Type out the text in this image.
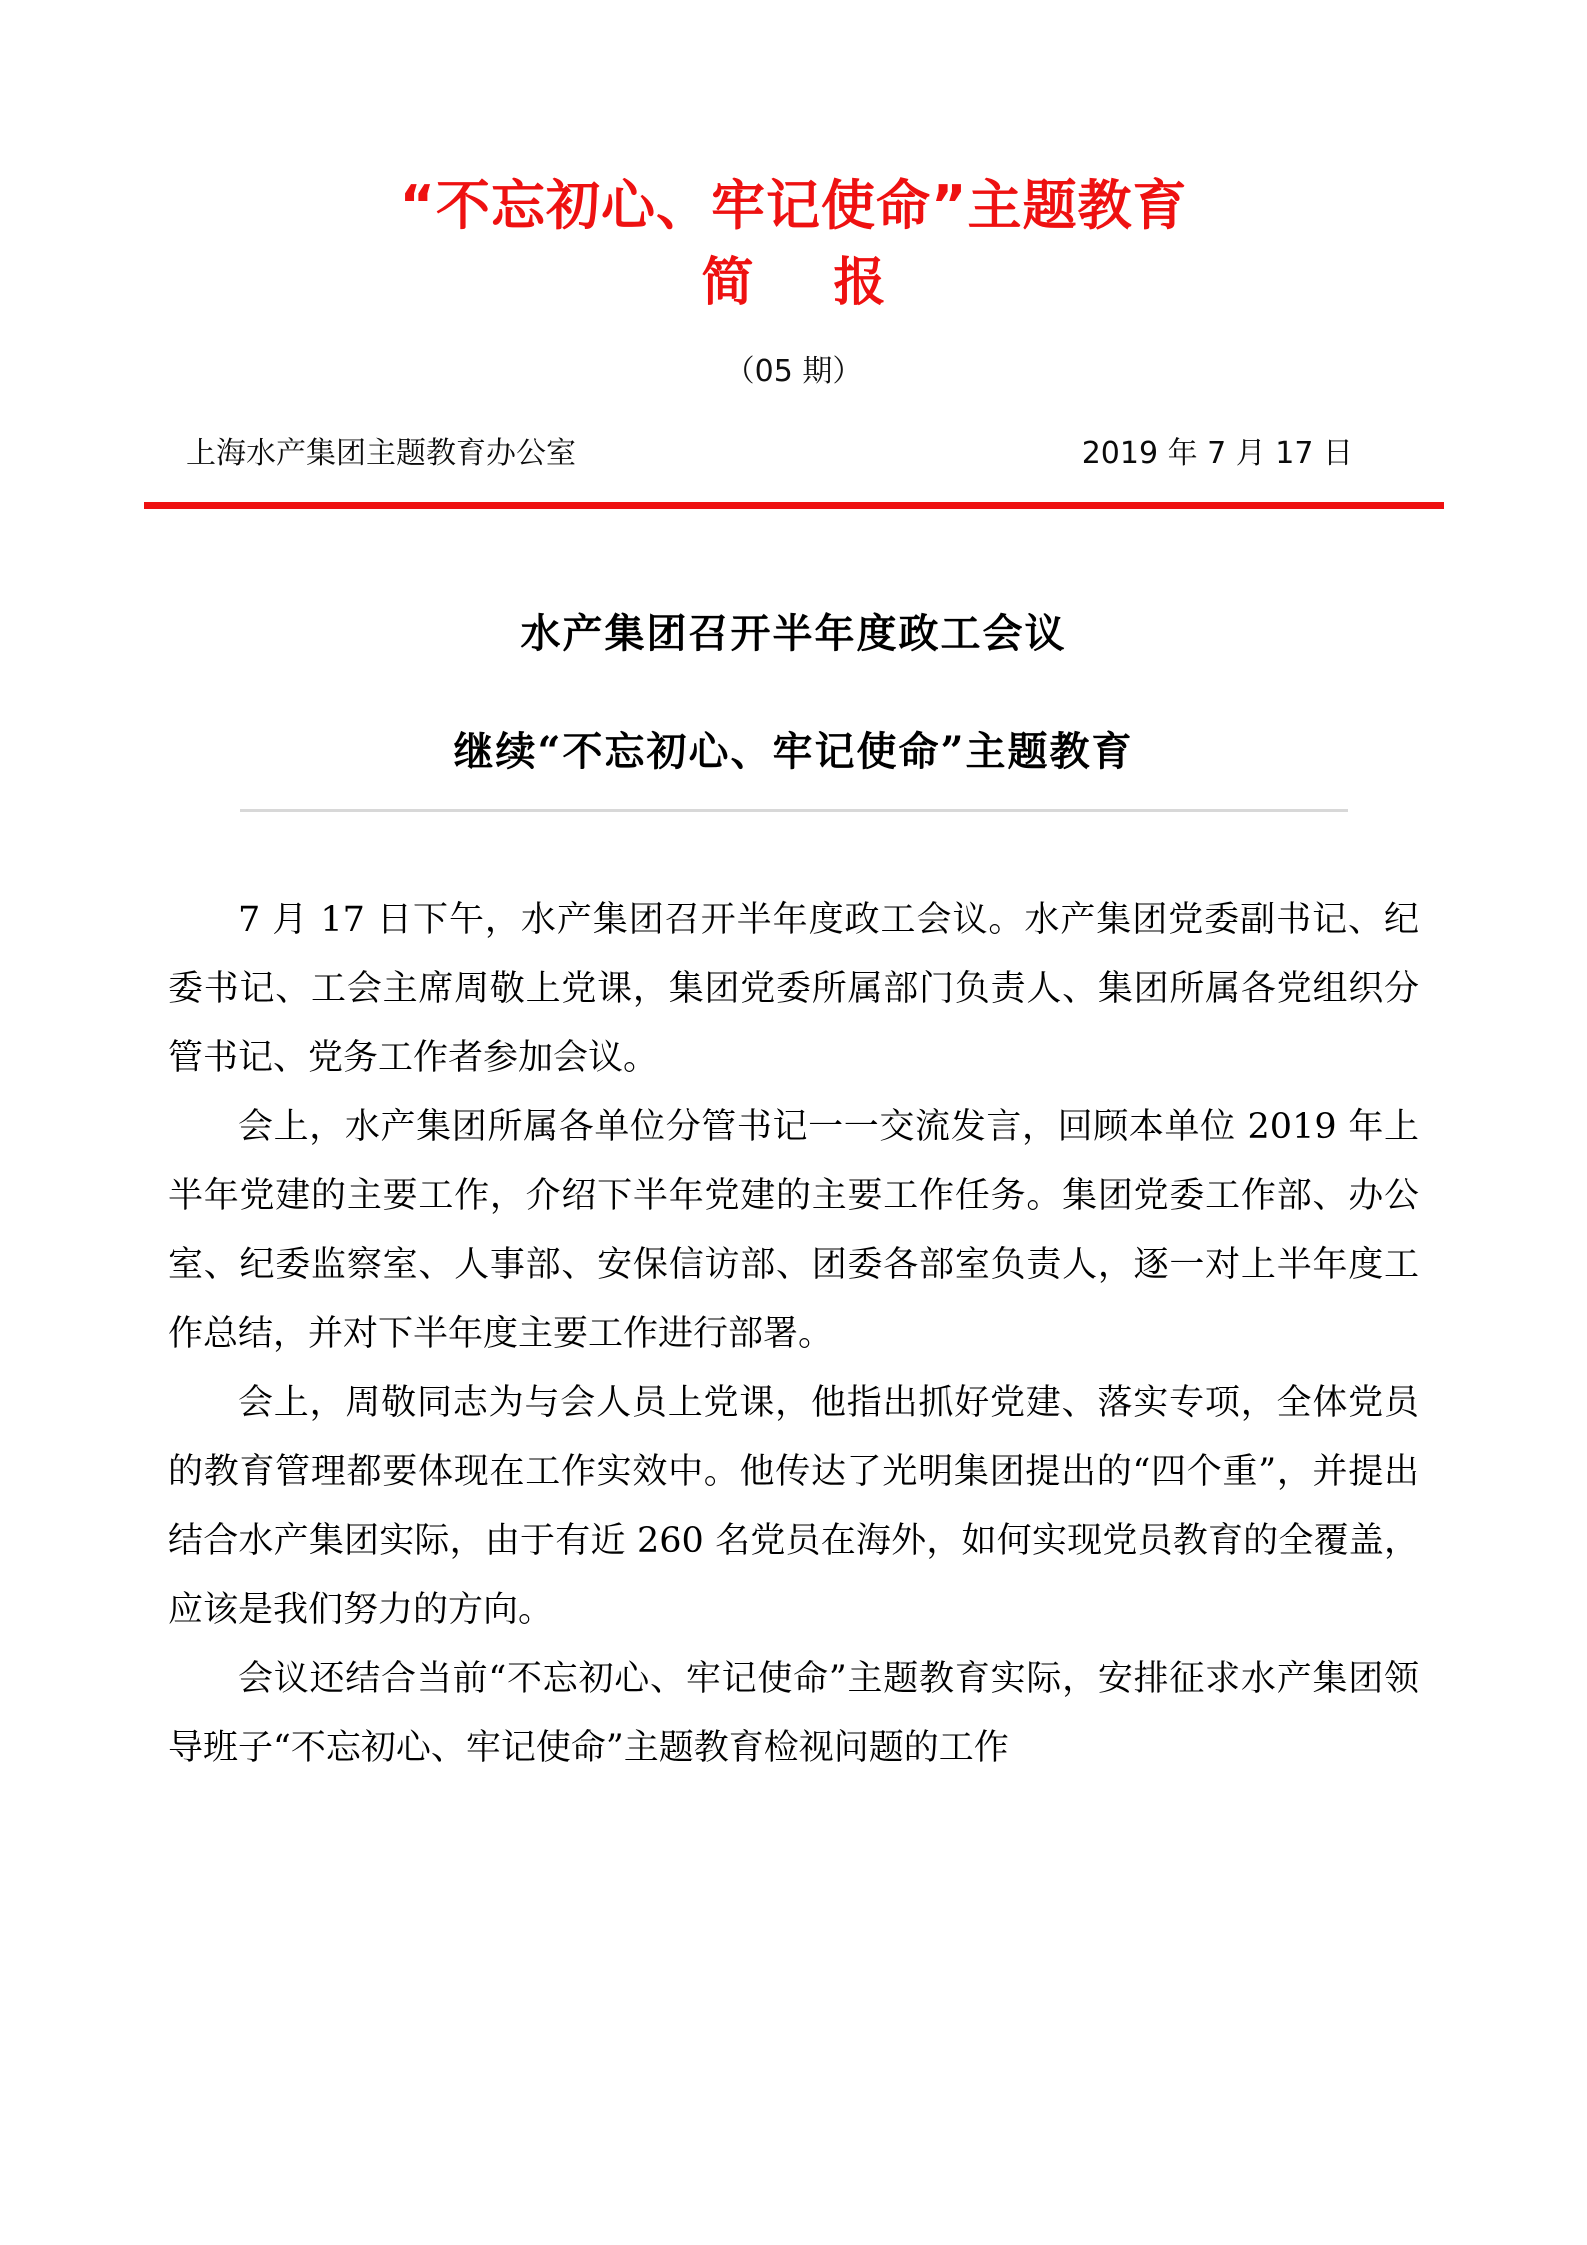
“不忘初心、牢记使命”主题教育
简　报
（05 期）
上海水产集团主题教育办公室	2019 年 7 月 17 日
水产集团召开半年度政工会议
继续“不忘初心、牢记使命”主题教育

7 月 17 日下午，水产集团召开半年度政工会议。水产集团党委副书记、纪委书记、工会主席周敬上党课，集团党委所属部门负责人、集团所属各党组织分管书记、党务工作者参加会议。

会上，水产集团所属各单位分管书记一一交流发言，回顾本单位 2019 年上半年党建的主要工作，介绍下半年党建的主要工作任务。集团党委工作部、办公室、纪委监察室、人事部、安保信访部、团委各部室负责人，逐一对上半年度工作总结，并对下半年度主要工作进行部署。

会上，周敬同志为与会人员上党课，他指出抓好党建、落实专项，全体党员的教育管理都要体现在工作实效中。他传达了光明集团提出的“四个重”，并提出结合水产集团实际，由于有近 260 名党员在海外，如何实现党员教育的全覆盖，应该是我们努力的方向。

会议还结合当前“不忘初心、牢记使命”主题教育实际，安排征求水产集团领导班子“不忘初心、牢记使命”主题教育检视问题的工作
